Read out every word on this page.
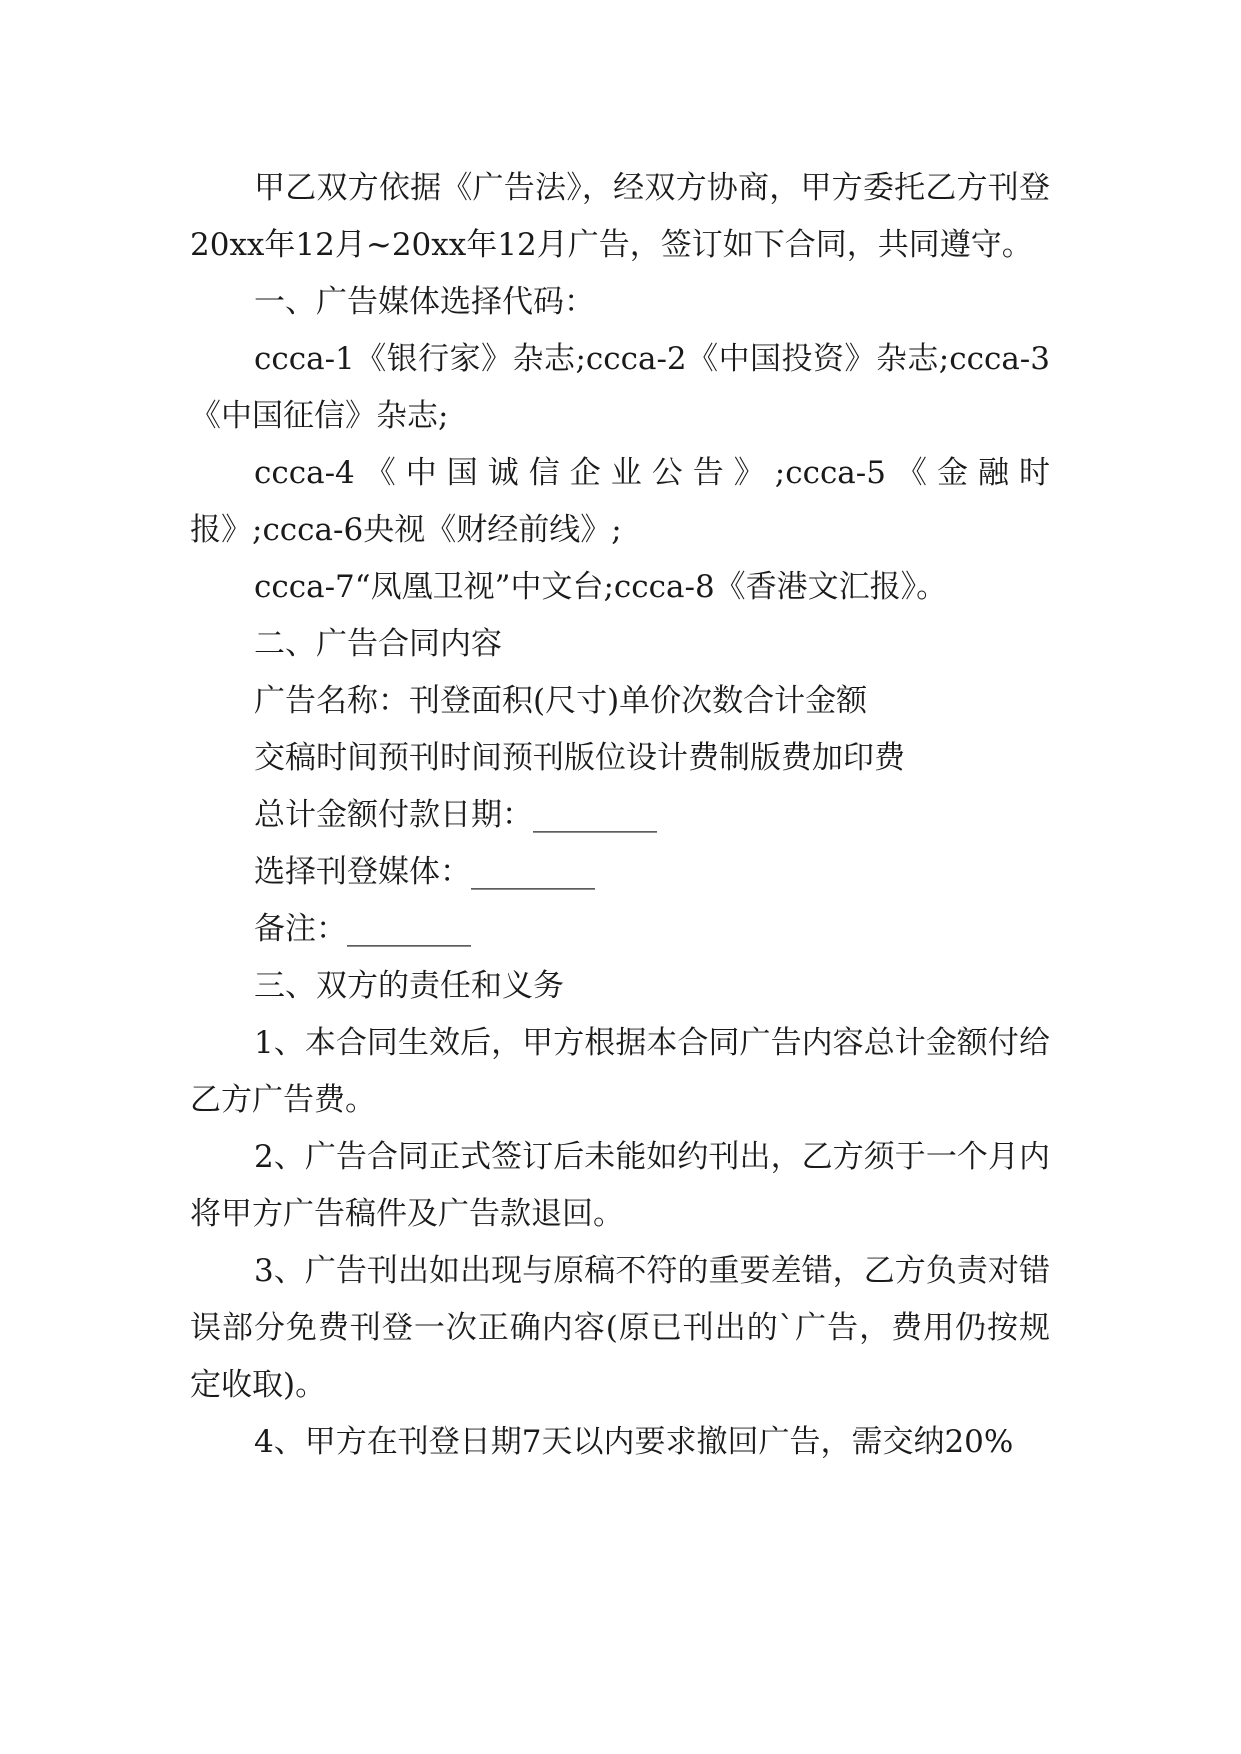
甲乙双方依据《广告法》，经双方协商，甲方委托乙方刊登20xx年12月~20xx年12月广告，签订如下合同，共同遵守。

一、广告媒体选择代码：

ccca-1《银行家》杂志;ccca-2《中国投资》杂志;ccca-3《中国征信》杂志;

ccca-4《中国诚信企业公告》;ccca-5《金融时报》;ccca-6央视《财经前线》;

ccca-7“凤凰卫视”中文台;ccca-8《香港文汇报》。

二、广告合同内容

广告名称：刊登面积(尺寸)单价次数合计金额

交稿时间预刊时间预刊版位设计费制版费加印费

总计金额付款日期：________

选择刊登媒体：________

备注：________

三、双方的责任和义务

1、本合同生效后，甲方根据本合同广告内容总计金额付给乙方广告费。

2、广告合同正式签订后未能如约刊出，乙方须于一个月内将甲方广告稿件及广告款退回。

3、广告刊出如出现与原稿不符的重要差错，乙方负责对错误部分免费刊登一次正确内容(原已刊出的`广告，费用仍按规定收取)。

4、甲方在刊登日期7天以内要求撤回广告，需交纳20%
